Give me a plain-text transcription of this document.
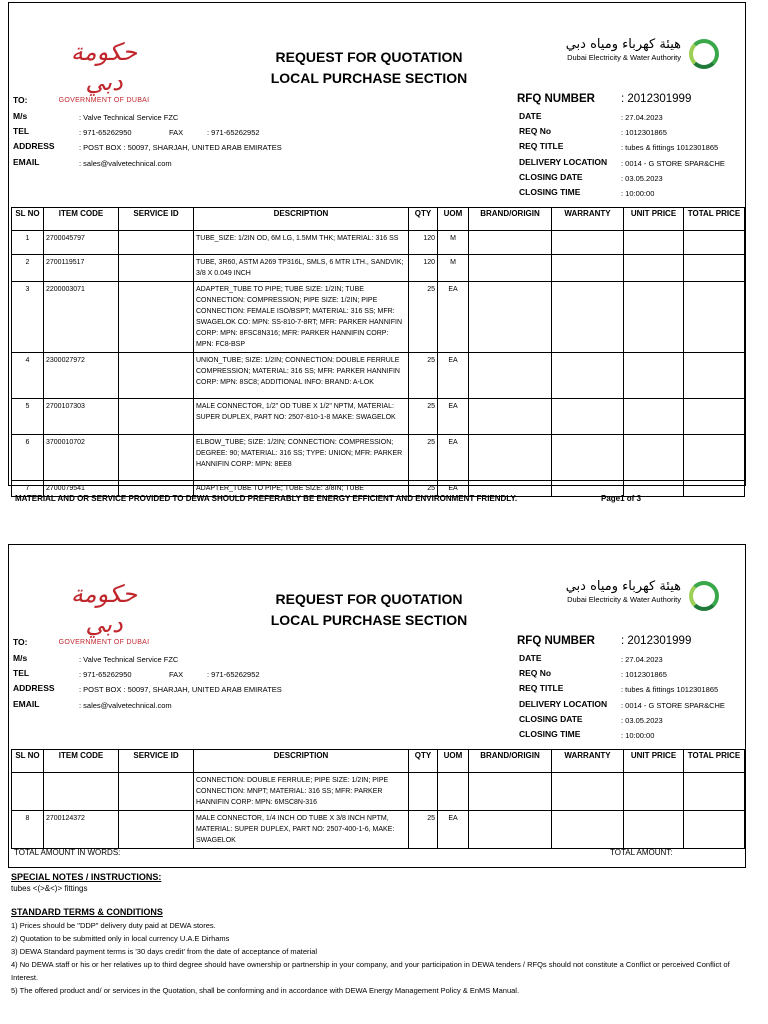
حكومة دبي
GOVERNMENT OF DUBAI
REQUEST FOR QUOTATION
LOCAL PURCHASE SECTION
هيئة كهرباء ومياه دبي
Dubai Electricity & Water Authority
TO:
M/s	: Valve Technical Service FZC
TEL	: 971-65262950	FAX	: 971-65262952
ADDRESS	: POST BOX : 50097, SHARJAH, UNITED ARAB EMIRATES
EMAIL	: sales@valvetechnical.com
RFQ NUMBER : 2012301999
DATE	: 27.04.2023
REQ No	: 1012301865
REQ TITLE	: tubes & fittings 1012301865
DELIVERY LOCATION : 0014 - G STORE SPAR&CHE
CLOSING DATE	: 03.05.2023
CLOSING TIME	: 10:00:00
SL NO	ITEM CODE	SERVICE ID	DESCRIPTION	QTY	UOM	BRAND/ORIGIN	WARRANTY	UNIT PRICE	TOTAL PRICE
1	2700045797		TUBE_SIZE: 1/2IN OD, 6M LG, 1.5MM THK; MATERIAL: 316 SS	120	M				
2	2700119517		TUBE, 3R60, ASTM A269 TP316L, SMLS, 6 MTR LTH., SANDVIK; 3/8 X 0.049 INCH	120	M				
3	2200003071		ADAPTER_TUBE TO PIPE; TUBE SIZE: 1/2IN; TUBE CONNECTION: COMPRESSION; PIPE SIZE: 1/2IN; PIPE CONNECTION: FEMALE ISO/BSPT; MATERIAL: 316 SS; MFR: SWAGELOK CO: MPN: SS-810-7-8RT; MFR: PARKER HANNIFIN CORP: MPN: 8FSC8N316; MFR: PARKER HANNIFIN CORP: MPN: FC8-BSP	25	EA				
4	2300027972		UNION_TUBE; SIZE: 1/2IN; CONNECTION: DOUBLE FERRULE COMPRESSION; MATERIAL: 316 SS; MFR: PARKER HANNIFIN CORP: MPN: 8SC8; ADDITIONAL INFO: BRAND: A-LOK	25	EA				
5	2700107303		MALE CONNECTOR, 1/2" OD TUBE X 1/2" NPTM, MATERIAL: SUPER DUPLEX, PART NO: 2507-810-1-8 MAKE: SWAGELOK	25	EA				
6	3700010702		ELBOW_TUBE; SIZE: 1/2IN; CONNECTION: COMPRESSION; DEGREE: 90; MATERIAL: 316 SS; TYPE: UNION; MFR: PARKER HANNIFIN CORP: MPN: 8EE8	25	EA				
7	2700079541		ADAPTER_TUBE TO PIPE; TUBE SIZE: 3/8IN; TUBE	25	EA				
MATERIAL AND OR SERVICE PROVIDED TO DEWA SHOULD PREFERABLY BE ENERGY EFFICIENT AND ENVIRONMENT FRIENDLY.	Page1 of 3
حكومة دبي
GOVERNMENT OF DUBAI
REQUEST FOR QUOTATION
LOCAL PURCHASE SECTION
هيئة كهرباء ومياه دبي
Dubai Electricity & Water Authority
TO:
M/s	: Valve Technical Service FZC
TEL	: 971-65262950	FAX	: 971-65262952
ADDRESS	: POST BOX : 50097, SHARJAH, UNITED ARAB EMIRATES
EMAIL	: sales@valvetechnical.com
RFQ NUMBER : 2012301999
DATE	: 27.04.2023
REQ No	: 1012301865
REQ TITLE	: tubes & fittings 1012301865
DELIVERY LOCATION : 0014 - G STORE SPAR&CHE
CLOSING DATE	: 03.05.2023
CLOSING TIME	: 10:00:00
SL NO	ITEM CODE	SERVICE ID	DESCRIPTION	QTY	UOM	BRAND/ORIGIN	WARRANTY	UNIT PRICE	TOTAL PRICE
			CONNECTION: DOUBLE FERRULE; PIPE SIZE: 1/2IN; PIPE CONNECTION: MNPT; MATERIAL: 316 SS; MFR: PARKER HANNIFIN CORP: MPN: 6MSC8N-316						
8	2700124372		MALE CONNECTOR, 1/4 INCH OD TUBE X 3/8 INCH NPTM, MATERIAL: SUPER DUPLEX, PART NO: 2507-400-1-6, MAKE: SWAGELOK	25	EA				
TOTAL AMOUNT IN WORDS:	TOTAL AMOUNT:
SPECIAL NOTES / INSTRUCTIONS:
tubes <(>&<)> fittings
STANDARD TERMS & CONDITIONS
1) Prices should be "DDP" delivery duty paid at DEWA stores.
2) Quotation to be submitted only in local currency U.A.E Dirhams
3) DEWA Standard payment terms is '30 days credit' from the date of acceptance of material
4) No DEWA staff or his or her relatives up to third degree should have ownership or partnership in your company, and your participation in DEWA tenders / RFQs should not constitute a Conflict or perceived Conflict of Interest.
5) The offered product and/ or services in the Quotation, shall be conforming and in accordance with DEWA Energy Management Policy & EnMS Manual.
